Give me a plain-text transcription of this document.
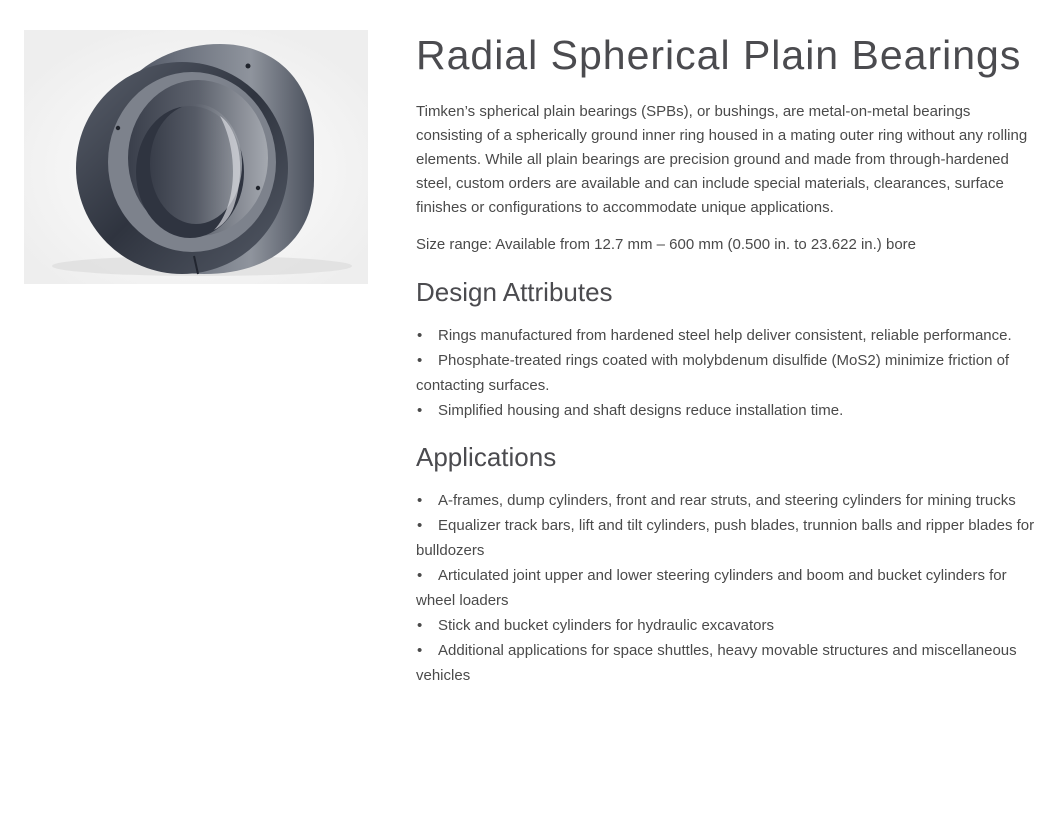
Radial Spherical Plain Bearings

Timken’s spherical plain bearings (SPBs), or bushings, are metal-on-metal bearings consisting of a spherically ground inner ring housed in a mating outer ring without any rolling elements. While all plain bearings are precision ground and made from through-hardened steel, custom orders are available and can include special materials, clearances, surface finishes or configurations to accommodate unique applications.

Size range: Available from 12.7 mm – 600 mm (0.500 in. to 23.622 in.) bore

Design Attributes
• Rings manufactured from hardened steel help deliver consistent, reliable performance.
• Phosphate-treated rings coated with molybdenum disulfide (MoS2) minimize friction of contacting surfaces.
• Simplified housing and shaft designs reduce installation time.
Applications
• A-frames, dump cylinders, front and rear struts, and steering cylinders for mining trucks
• Equalizer track bars, lift and tilt cylinders, push blades, trunnion balls and ripper blades for bulldozers
• Articulated joint upper and lower steering cylinders and boom and bucket cylinders for wheel loaders
• Stick and bucket cylinders for hydraulic excavators
• Additional applications for space shuttles, heavy movable structures and miscellaneous vehicles
